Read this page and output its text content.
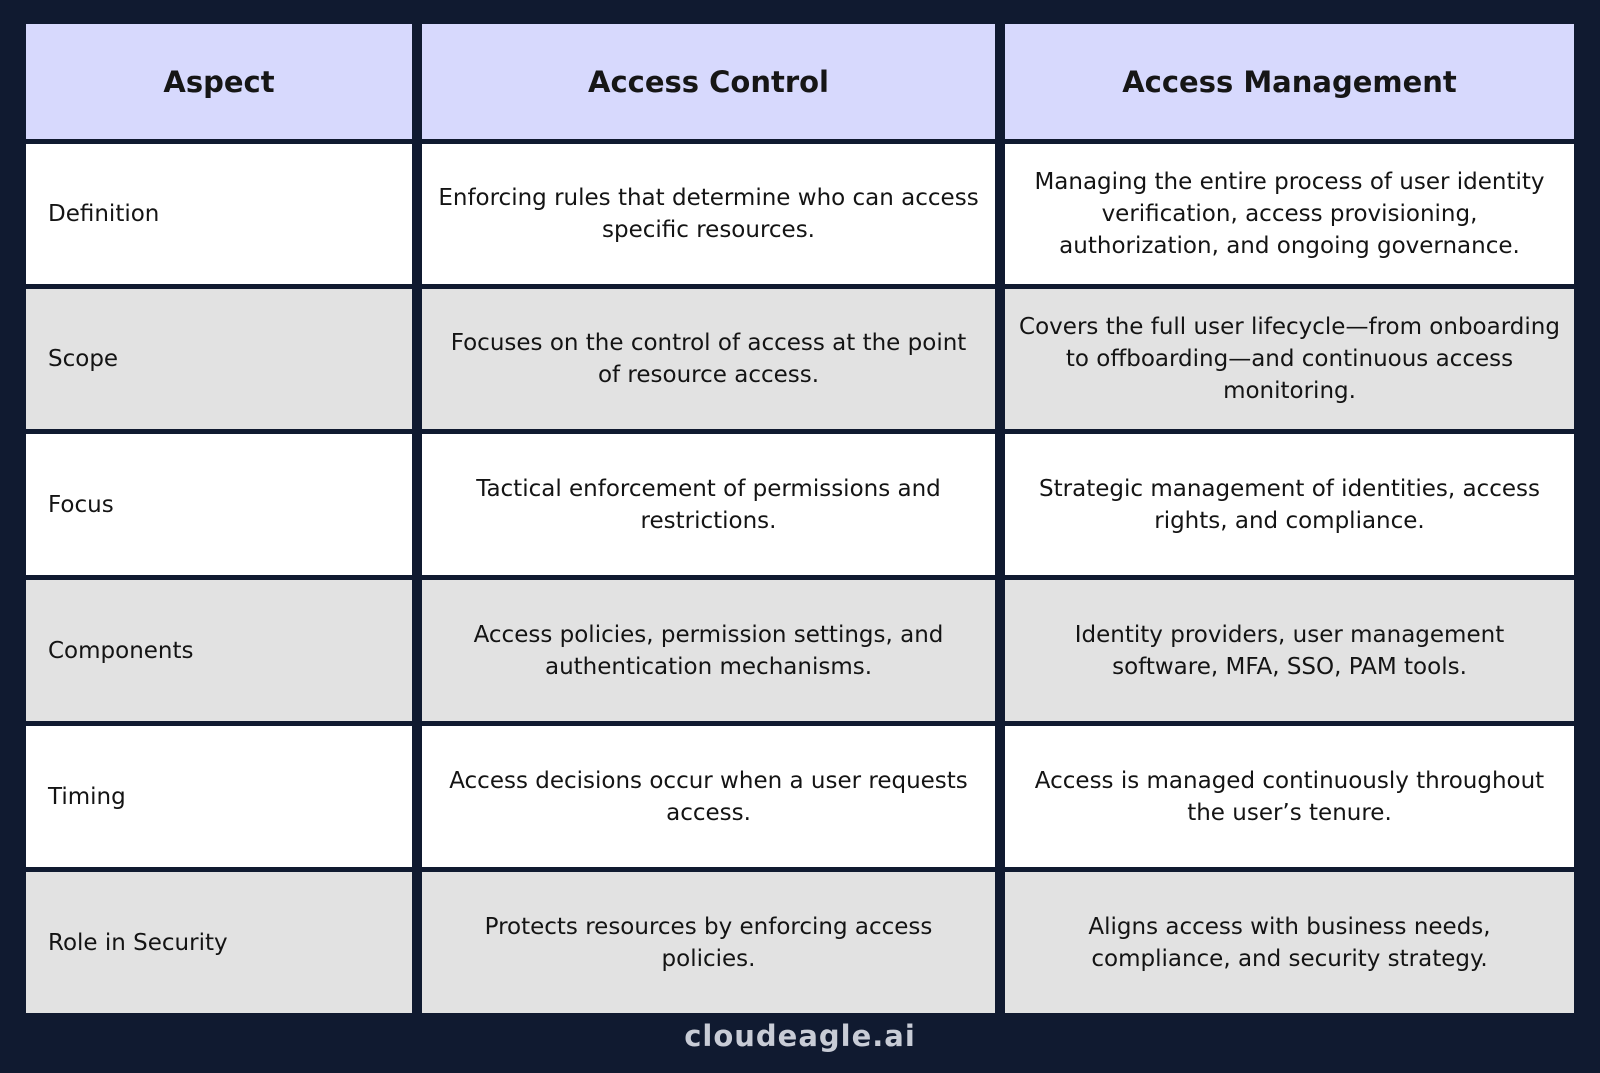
Aspect	Access Control	Access Management
Definition
Enforcing rules that determine who can access specific resources.
Managing the entire process of user identity verification, access provisioning, authorization, and ongoing governance.
Scope
Focuses on the control of access at the point of resource access.
Covers the full user lifecycle—from onboarding to offboarding—and continuous access monitoring.
Focus
Tactical enforcement of permissions and restrictions.
Strategic management of identities, access rights, and compliance.
Components
Access policies, permission settings, and authentication mechanisms.
Identity providers, user management software, MFA, SSO, PAM tools.
Timing
Access decisions occur when a user requests access.
Access is managed continuously throughout the user’s tenure.
Role in Security
Protects resources by enforcing access policies.
Aligns access with business needs, compliance, and security strategy.
cloudeagle.ai
